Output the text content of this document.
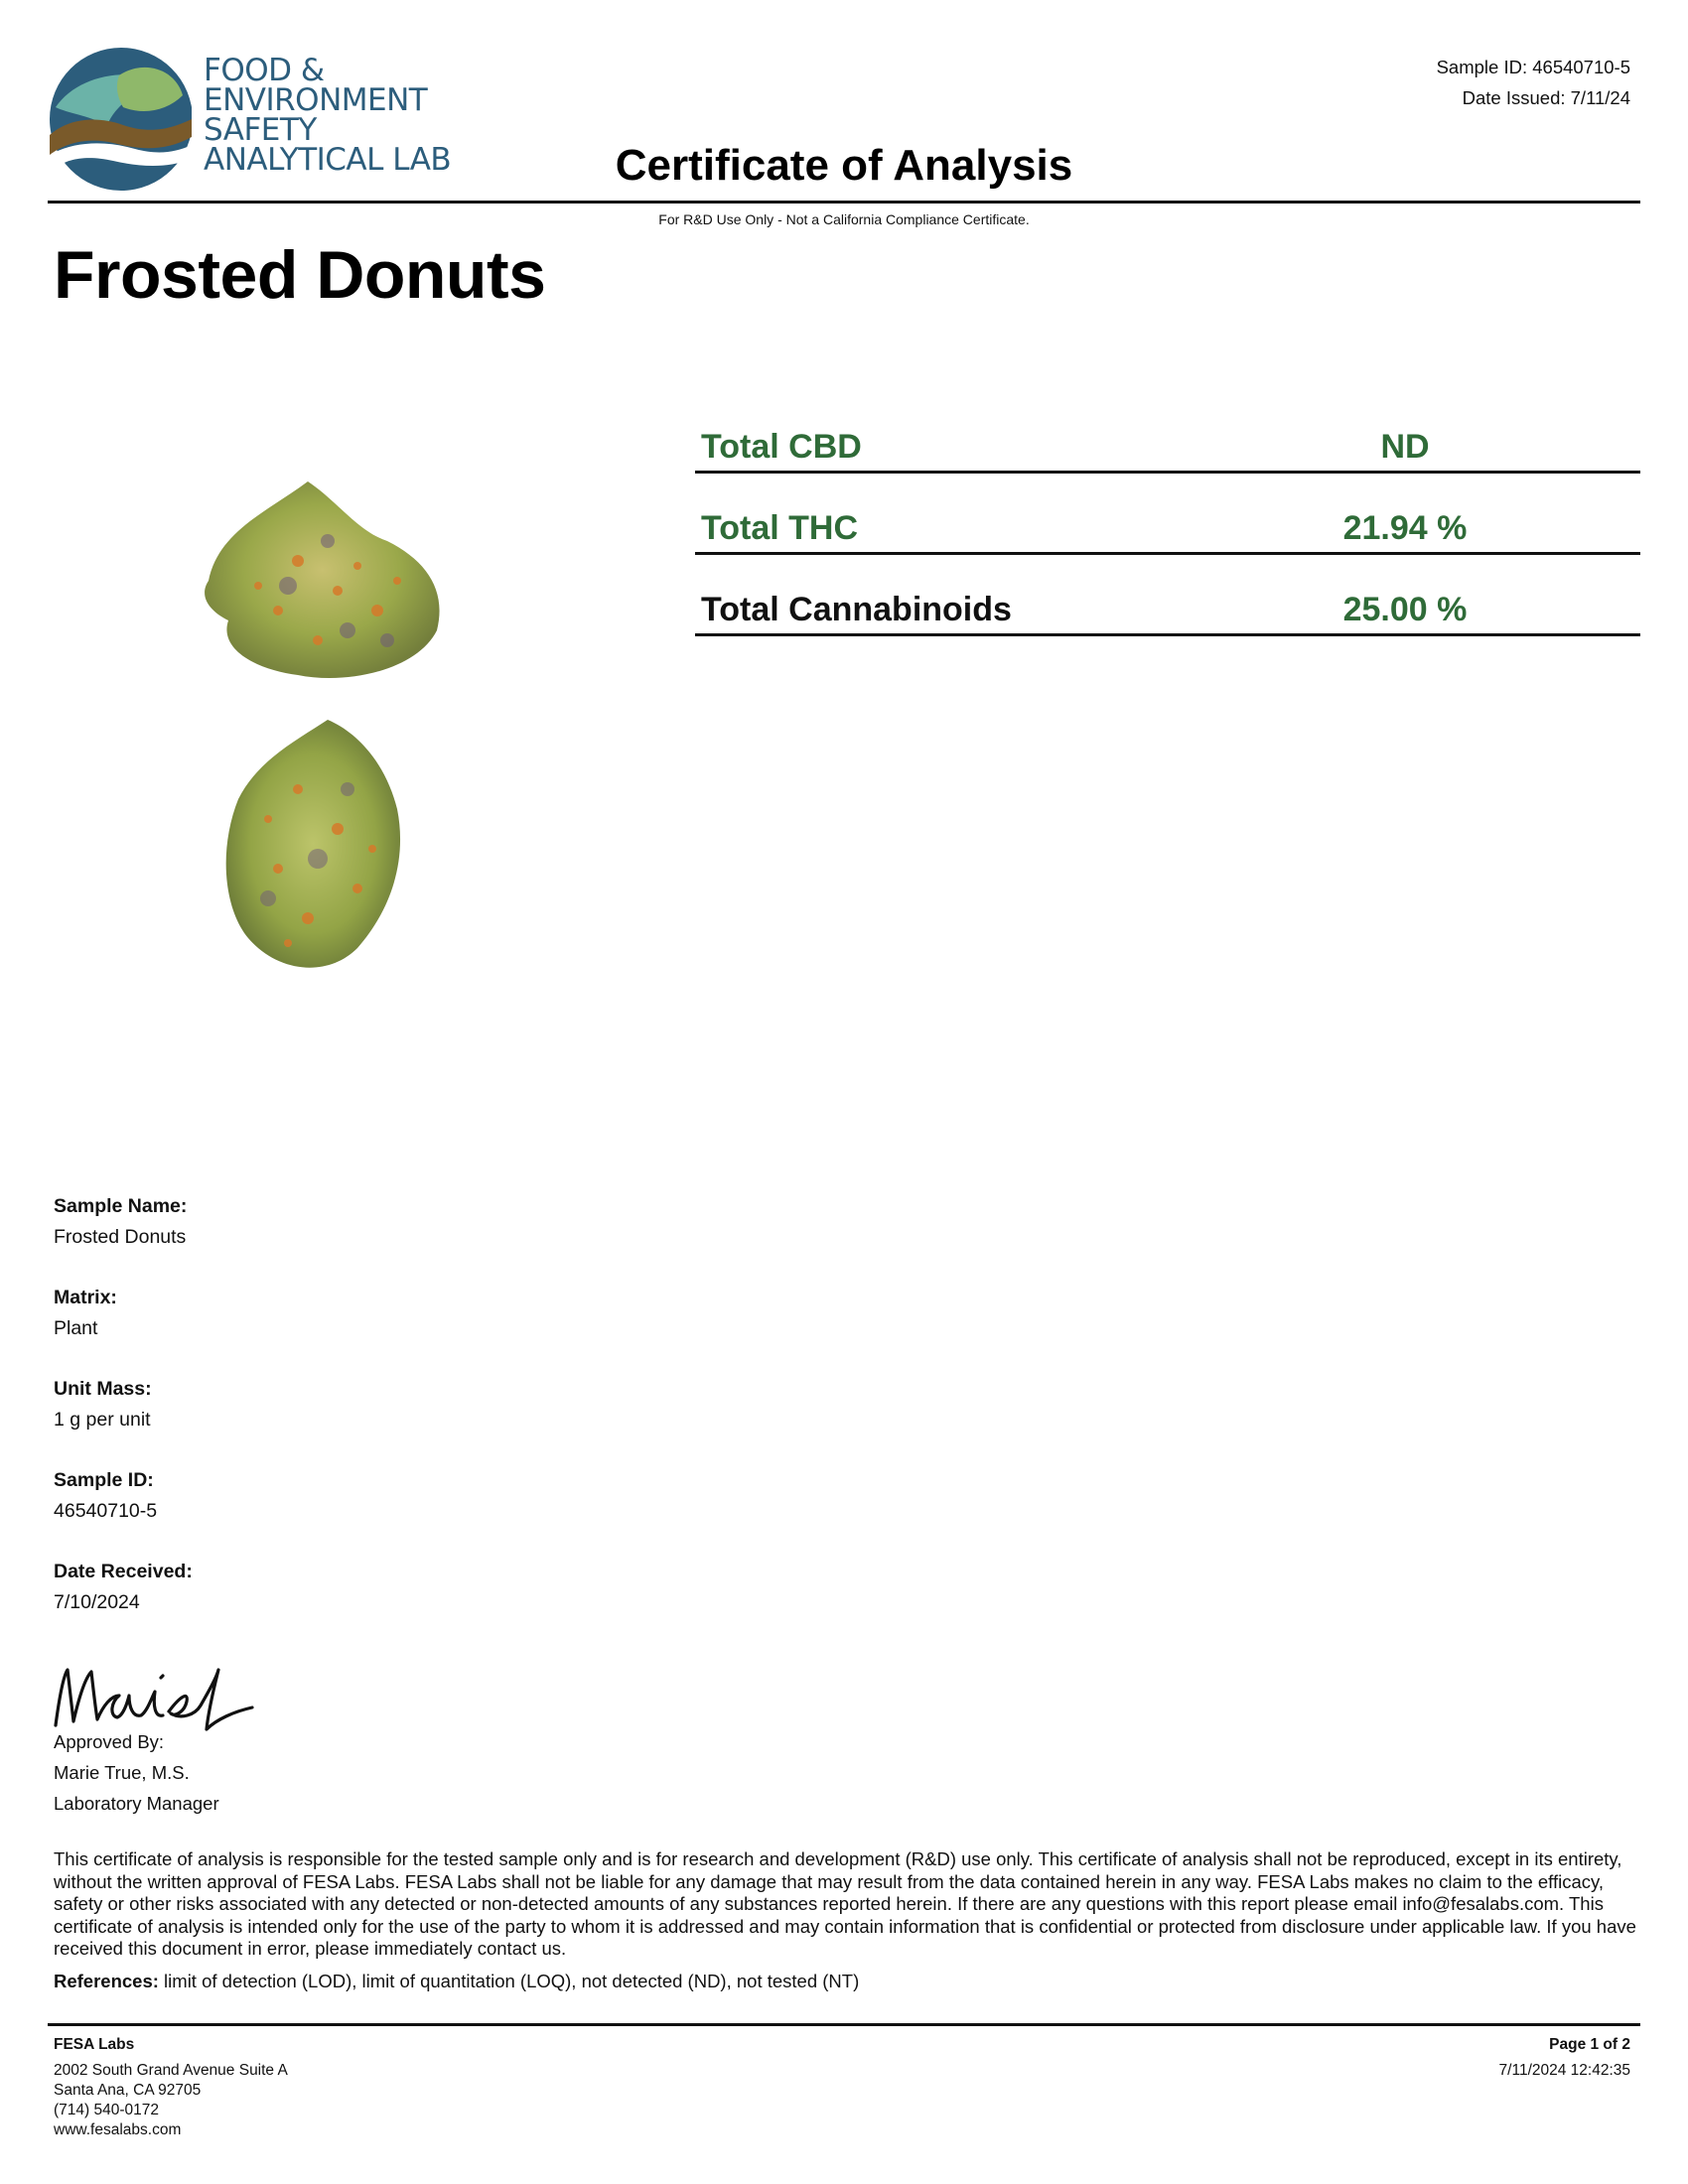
FOOD &
ENVIRONMENT
SAFETY
ANALYTICAL LAB
Sample ID: 46540710-5
Date Issued: 7/11/24
Certificate of Analysis
For R&D Use Only - Not a California Compliance Certificate.
Frosted Donuts
Total CBD	ND
Total THC	21.94 %
Total Cannabinoids	25.00 %
Sample Name:
Frosted Donuts
Matrix:
Plant
Unit Mass:
1 g per unit
Sample ID:
46540710-5
Date Received:
7/10/2024
Approved By:
Marie True, M.S.
Laboratory Manager
This certificate of analysis is responsible for the tested sample only and is for research and development (R&D) use only. This certificate of analysis shall not be reproduced, except in its entirety, without the written approval of FESA Labs. FESA Labs shall not be liable for any damage that may result from the data contained herein in any way. FESA Labs makes no claim to the efficacy, safety or other risks associated with any detected or non-detected amounts of any substances reported herein. If there are any questions with this report please email info@fesalabs.com. This certificate of analysis is intended only for the use of the party to whom it is addressed and may contain information that is confidential or protected from disclosure under applicable law. If you have received this document in error, please immediately contact us.
References: limit of detection (LOD), limit of quantitation (LOQ), not detected (ND), not tested (NT)
FESA Labs
2002 South Grand Avenue Suite A
Santa Ana, CA 92705
(714) 540-0172
www.fesalabs.com
Page 1 of 2
7/11/2024 12:42:35
